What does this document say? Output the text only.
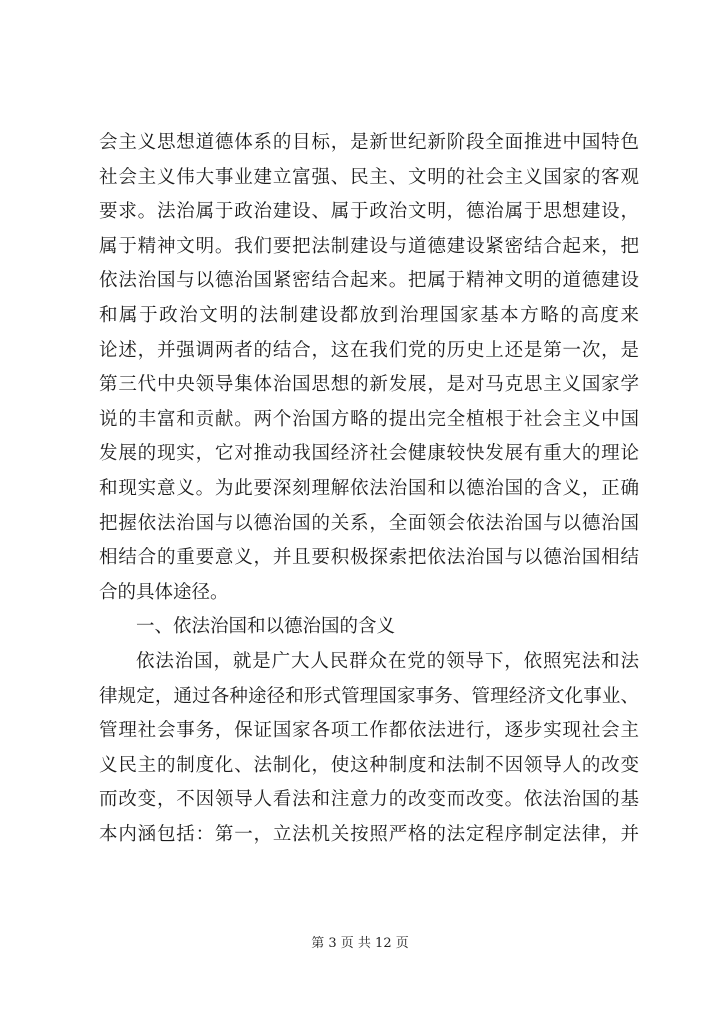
会主义思想道德体系的目标，是新世纪新阶段全面推进中国特色
社会主义伟大事业建立富强、民主、文明的社会主义国家的客观
要求。法治属于政治建设、属于政治文明，德治属于思想建设，
属于精神文明。我们要把法制建设与道德建设紧密结合起来，把
依法治国与以德治国紧密结合起来。把属于精神文明的道德建设
和属于政治文明的法制建设都放到治理国家基本方略的高度来
论述，并强调两者的结合，这在我们党的历史上还是第一次，是
第三代中央领导集体治国思想的新发展，是对马克思主义国家学
说的丰富和贡献。两个治国方略的提出完全植根于社会主义中国
发展的现实，它对推动我国经济社会健康较快发展有重大的理论
和现实意义。为此要深刻理解依法治国和以德治国的含义，正确
把握依法治国与以德治国的关系，全面领会依法治国与以德治国
相结合的重要意义，并且要积极探索把依法治国与以德治国相结
合的具体途径。
一、依法治国和以德治国的含义
依法治国，就是广大人民群众在党的领导下，依照宪法和法
律规定，通过各种途径和形式管理国家事务、管理经济文化事业、
管理社会事务，保证国家各项工作都依法进行，逐步实现社会主
义民主的制度化、法制化，使这种制度和法制不因领导人的改变
而改变，不因领导人看法和注意力的改变而改变。依法治国的基
本内涵包括：第一，立法机关按照严格的法定程序制定法律，并
第 3 页 共 12 页
